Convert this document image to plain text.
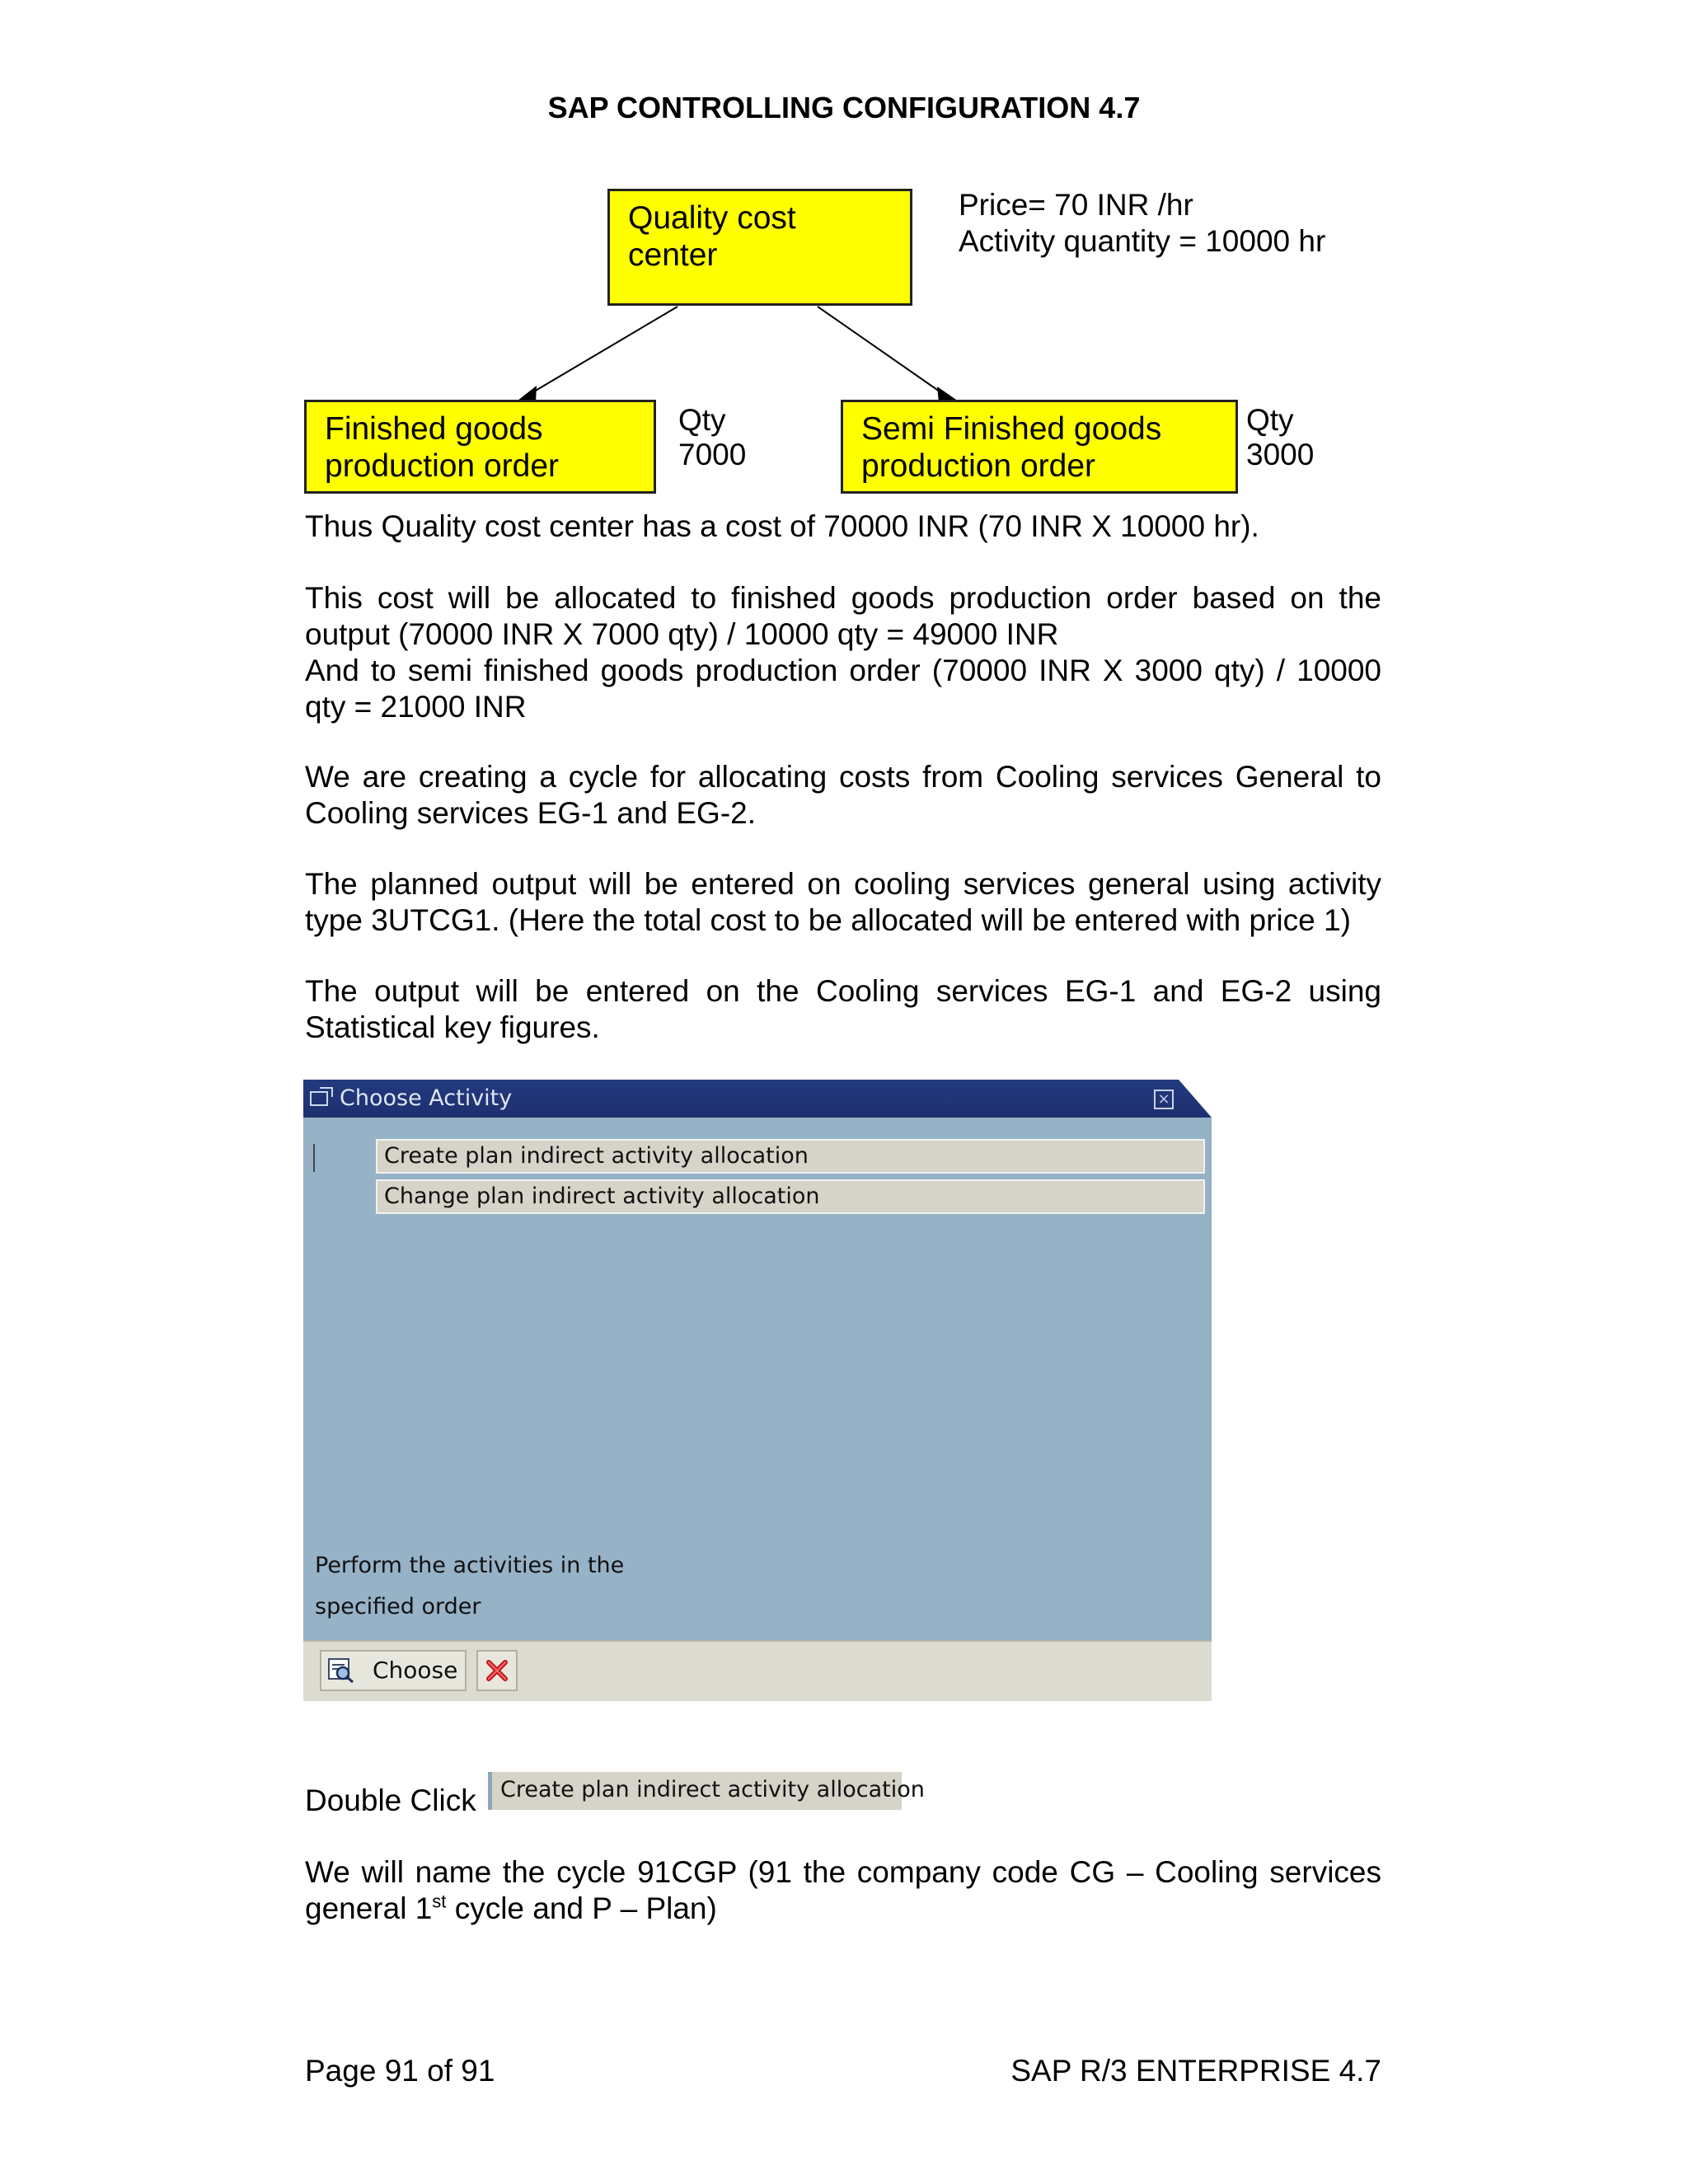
SAP CONTROLLING CONFIGURATION 4.7
Quality cost center
Price= 70 INR /hr
Activity quantity = 10000 hr
Finished goods
production order
Qty
7000
Semi Finished goods
production order
Qty
3000

Thus Quality cost center has a cost of 70000 INR (70 INR X 10000 hr).

This cost will be allocated to finished goods production order based on the output (70000 INR X 7000 qty) / 10000 qty = 49000 INR

And to semi finished goods production order (70000 INR X 3000 qty) / 10000 qty = 21000 INR

We are creating a cycle for allocating costs from Cooling services General to Cooling services EG-1 and EG-2.

The planned output will be entered on cooling services general using activity type 3UTCG1. (Here the total cost to be allocated will be entered with price 1)

The output will be entered on the Cooling services EG-1 and EG-2 using Statistical key figures.

Choose Activity	×
Create plan indirect activity allocation
Change plan indirect activity allocation
Perform the activities in the
specified order
Choose
Double Click	Create plan indirect activity allocation

We will name the cycle 91CGP (91 the company code CG – Cooling services general 1st cycle and P – Plan)

Page 91 of 91	SAP R/3 ENTERPRISE 4.7
